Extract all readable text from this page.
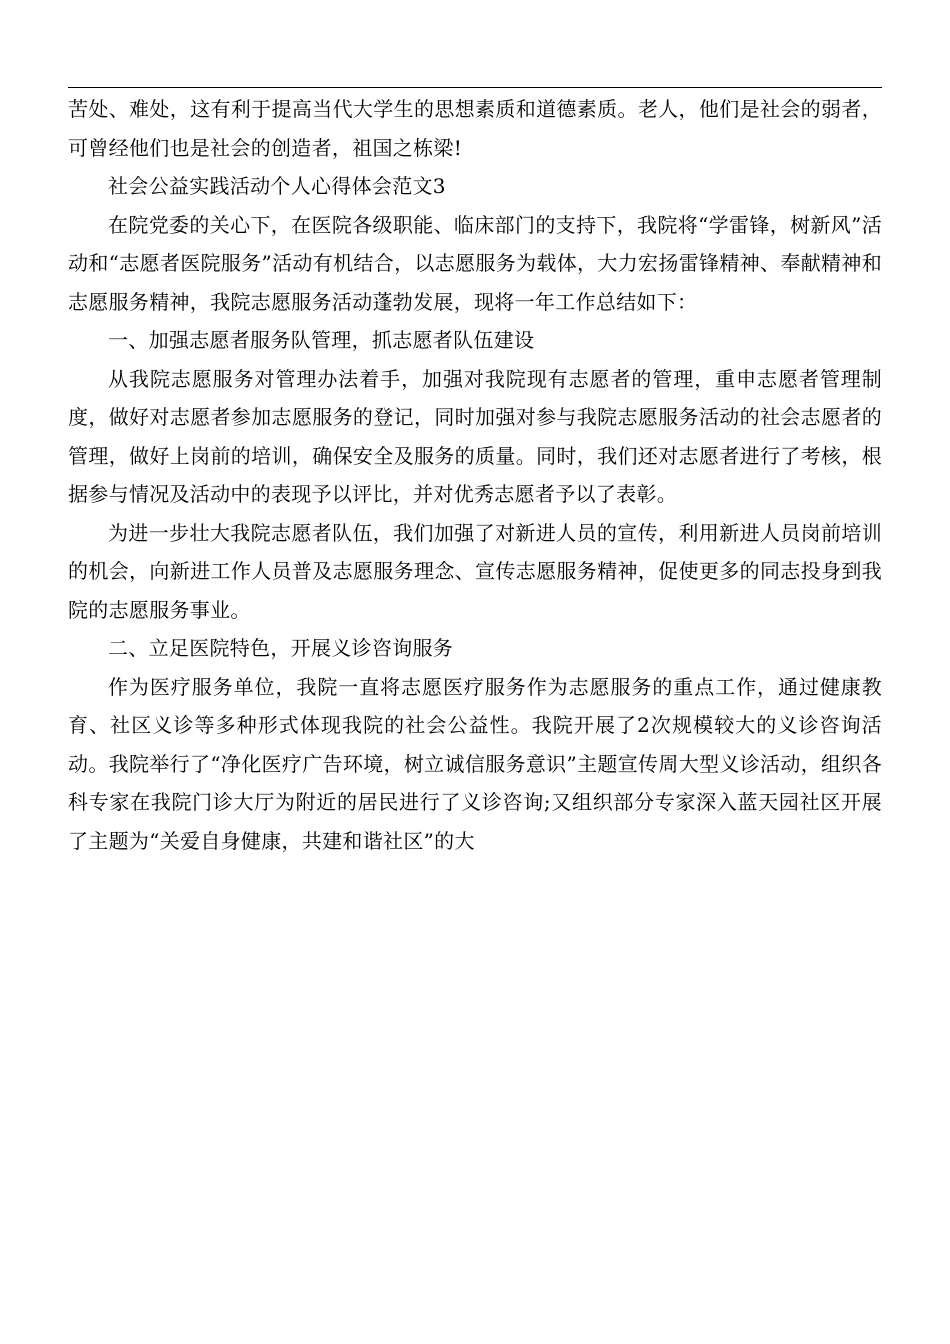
苦处、难处，这有利于提高当代大学生的思想素质和道德素质。老人，他们是社会的弱者，可曾经他们也是社会的创造者，祖国之栋梁!

社会公益实践活动个人心得体会范文3

在院党委的关心下，在医院各级职能、临床部门的支持下，我院将“学雷锋，树新风”活动和“志愿者医院服务”活动有机结合，以志愿服务为载体，大力宏扬雷锋精神、奉献精神和志愿服务精神，我院志愿服务活动蓬勃发展，现将一年工作总结如下：

一、加强志愿者服务队管理，抓志愿者队伍建设

从我院志愿服务对管理办法着手，加强对我院现有志愿者的管理，重申志愿者管理制度，做好对志愿者参加志愿服务的登记，同时加强对参与我院志愿服务活动的社会志愿者的管理，做好上岗前的培训，确保安全及服务的质量。同时，我们还对志愿者进行了考核，根据参与情况及活动中的表现予以评比，并对优秀志愿者予以了表彰。

为进一步壮大我院志愿者队伍，我们加强了对新进人员的宣传，利用新进人员岗前培训的机会，向新进工作人员普及志愿服务理念、宣传志愿服务精神，促使更多的同志投身到我院的志愿服务事业。

二、立足医院特色，开展义诊咨询服务

作为医疗服务单位，我院一直将志愿医疗服务作为志愿服务的重点工作，通过健康教育、社区义诊等多种形式体现我院的社会公益性。我院开展了2次规模较大的义诊咨询活动。我院举行了“净化医疗广告环境，树立诚信服务意识”主题宣传周大型义诊活动，组织各科专家在我院门诊大厅为附近的居民进行了义诊咨询;又组织部分专家深入蓝天园社区开展了主题为“关爱自身健康，共建和谐社区”的大
